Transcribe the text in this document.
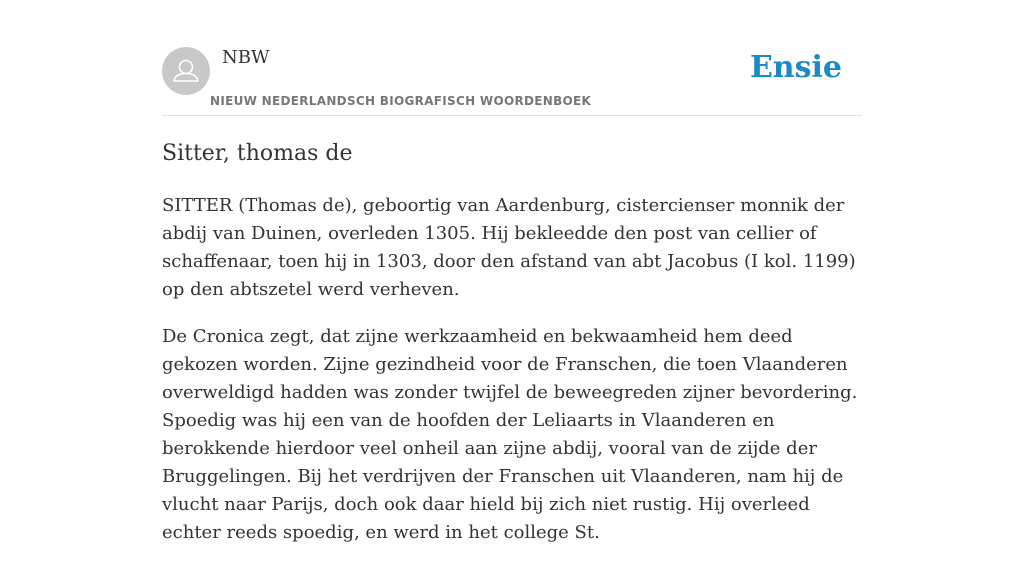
NBW
NIEUW NEDERLANDSCH BIOGRAFISCH WOORDENBOEK
Ensie
Sitter, thomas de

SITTER (Thomas de), geboortig van Aardenburg, cistercienser monnik der abdij van Duinen, overleden 1305. Hij bekleedde den post van cellier of schaffenaar, toen hij in 1303, door den afstand van abt Jacobus (I kol. 1199) op den abtszetel werd verheven.

De Cronica zegt, dat zijne werkzaamheid en bekwaamheid hem deed gekozen worden. Zijne gezindheid voor de Franschen, die toen Vlaanderen overweldigd hadden was zonder twijfel de beweegreden zijner bevordering. Spoedig was hij een van de hoofden der Leliaarts in Vlaanderen en berokkende hierdoor veel onheil aan zijne abdij, vooral van de zijde der Bruggelingen. Bij het verdrijven der Franschen uit Vlaanderen, nam hij de vlucht naar Parijs, doch ook daar hield bij zich niet rustig. Hij overleed echter reeds spoedig, en werd in het college St.
